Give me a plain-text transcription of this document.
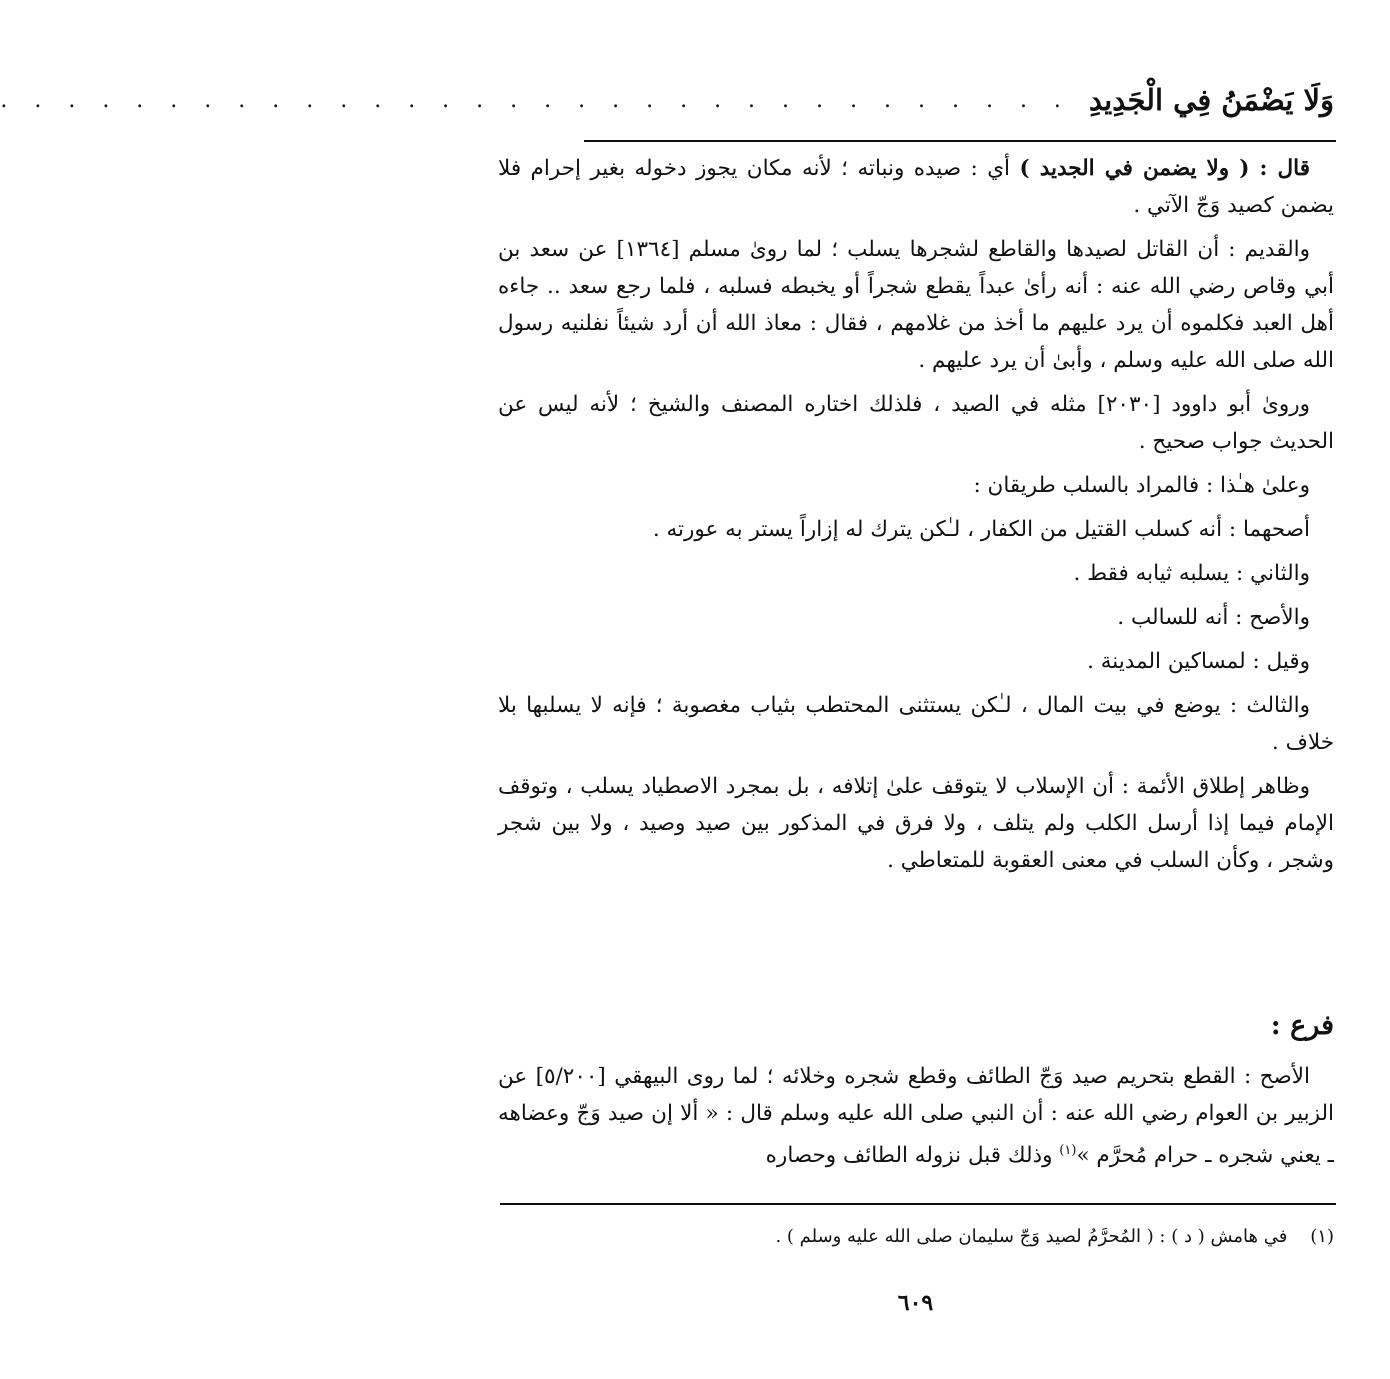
وَلَا يَضْمَنُ فِي الْجَدِيدِ
. . . . . . . . . . . . . . . . . . . . . . . . . . . . . . . .

قال : ( ولا يضمن في الجديد ) أي : صيده ونباته ؛ لأنه مكان يجوز دخوله بغير إحرام فلا يضمن كصيد وَجّ الآتي .

والقديم : أن القاتل لصيدها والقاطع لشجرها يسلب ؛ لما روىٰ مسلم [١٣٦٤] عن سعد بن أبي وقاص رضي الله عنه : أنه رأىٰ عبداً يقطع شجراً أو يخبطه فسلبه ، فلما رجع سعد .. جاءه أهل العبد فكلموه أن يرد عليهم ما أخذ من غلامهم ، فقال : معاذ الله أن أرد شيئاً نفلنيه رسول الله صلى الله عليه وسلم ، وأبىٰ أن يرد عليهم .

وروىٰ أبو داوود [٢٠٣٠] مثله في الصيد ، فلذلك اختاره المصنف والشيخ ؛ لأنه ليس عن الحديث جواب صحيح .

وعلىٰ هـٰذا : فالمراد بالسلب طريقان :

أصحهما : أنه كسلب القتيل من الكفار ، لـٰكن يترك له إزاراً يستر به عورته .

والثاني : يسلبه ثيابه فقط .

والأصح : أنه للسالب .

وقيل : لمساكين المدينة .

والثالث : يوضع في بيت المال ، لـٰكن يستثنى المحتطب بثياب مغصوبة ؛ فإنه لا يسلبها بلا خلاف .

وظاهر إطلاق الأئمة : أن الإسلاب لا يتوقف علىٰ إتلافه ، بل بمجرد الاصطياد يسلب ، وتوقف الإمام فيما إذا أرسل الكلب ولم يتلف ، ولا فرق في المذكور بين صيد وصيد ، ولا بين شجر وشجر ، وكأن السلب في معنى العقوبة للمتعاطي .

فرع :

الأصح : القطع بتحريم صيد وَجّ الطائف وقطع شجره وخلائه ؛ لما روى البيهقي [٥/٢٠٠] عن الزبير بن العوام رضي الله عنه : أن النبي صلى الله عليه وسلم قال : « ألا إن صيد وَجّ وعضاهه ـ يعني شجره ـ حرام مُحرَّم »$^{(١)}$ وذلك قبل نزوله الطائف وحصاره

(١)    في هامش ( د ) : ( المُحرَّمُ لصيد وَجّ سليمان صلى الله عليه وسلم ) .
٦٠٩
